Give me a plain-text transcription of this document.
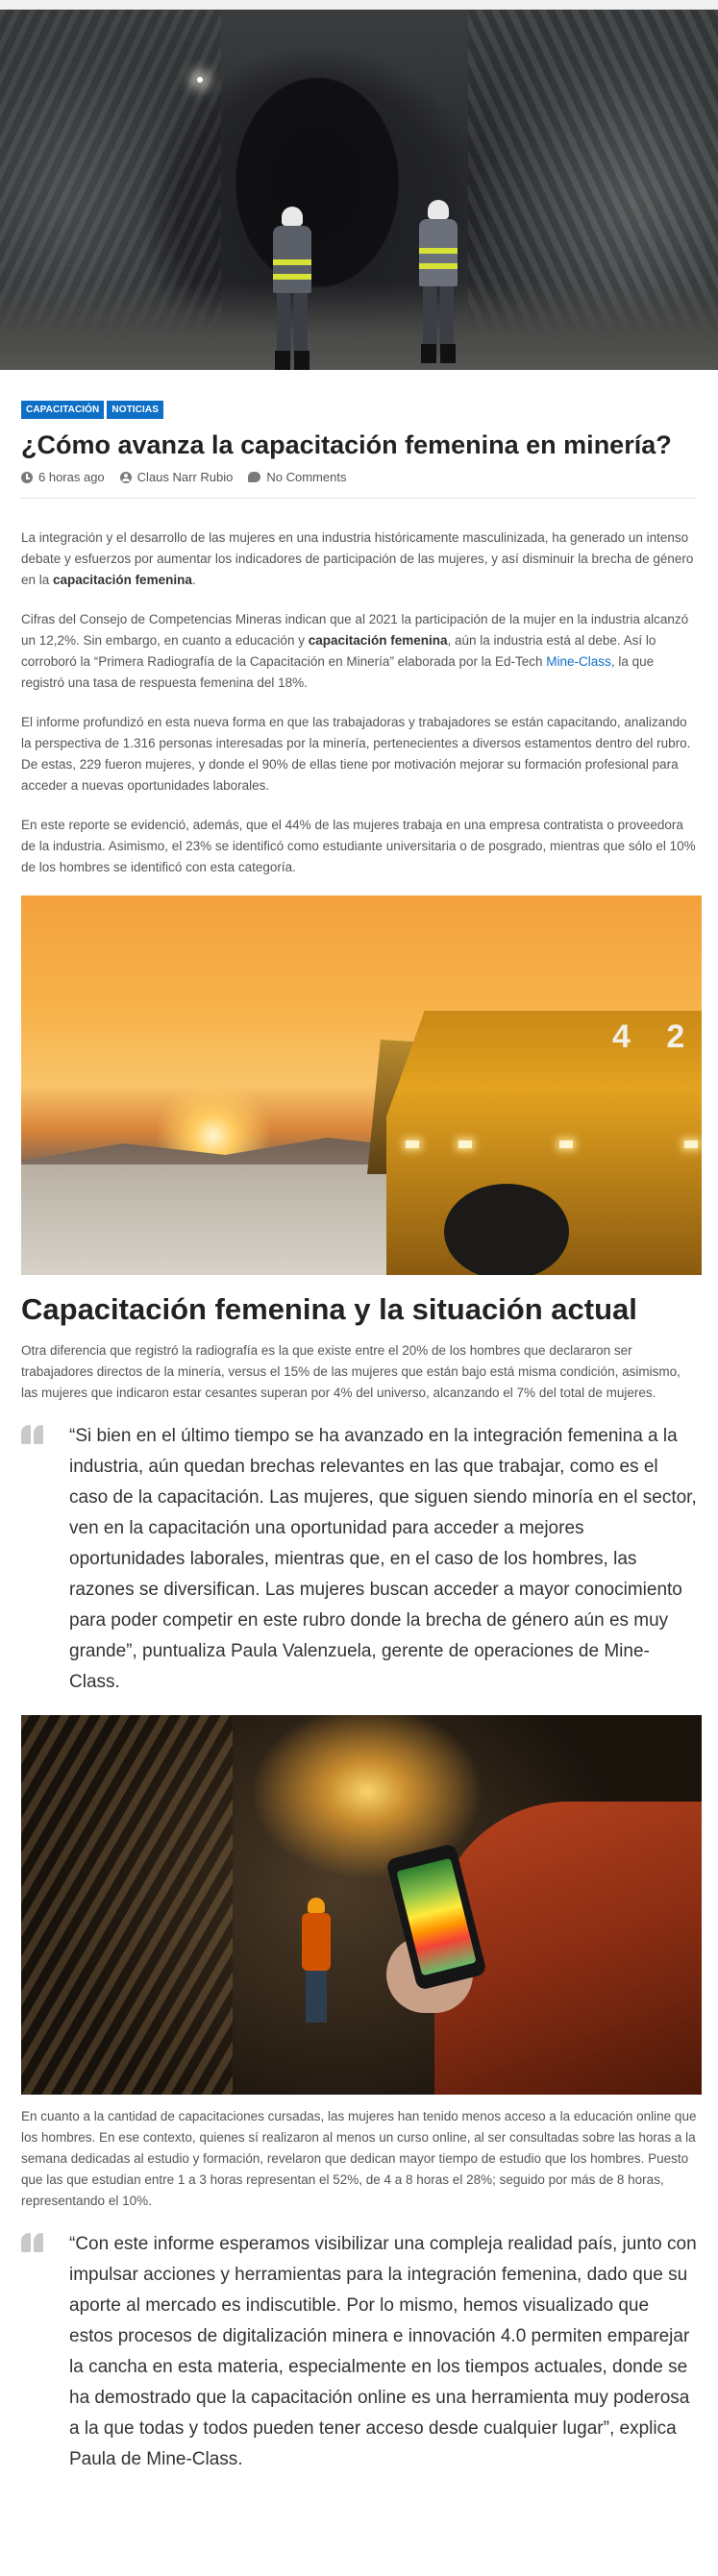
CAPACITACIÓN	NOTICIAS
¿Cómo avanza la capacitación femenina en minería?
6 horas ago	Claus Narr Rubio	No Comments

La integración y el desarrollo de las mujeres en una industria históricamente masculinizada, ha generado un intenso debate y esfuerzos por aumentar los indicadores de participación de las mujeres, y así disminuir la brecha de género en la capacitación femenina.

Cifras del Consejo de Competencias Mineras indican que al 2021 la participación de la mujer en la industria alcanzó un 12,2%. Sin embargo, en cuanto a educación y capacitación femenina, aún la industria está al debe. Así lo corroboró la “Primera Radiografía de la Capacitación en Minería” elaborada por la Ed-Tech Mine-Class, la que registró una tasa de respuesta femenina del 18%.

El informe profundizó en esta nueva forma en que las trabajadoras y trabajadores se están capacitando, analizando la perspectiva de 1.316 personas interesadas por la minería, pertenecientes a diversos estamentos dentro del rubro. De estas, 229 fueron mujeres, y donde el 90% de ellas tiene por motivación mejorar su formación profesional para acceder a nuevas oportunidades laborales.

En este reporte se evidenció, además, que el 44% de las mujeres trabaja en una empresa contratista o proveedora de la industria. Asimismo, el 23% se identificó como estudiante universitaria o de posgrado, mientras que sólo el 10% de los hombres se identificó con esta categoría.

4 2
Capacitación femenina y la situación actual

Otra diferencia que registró la radiografía es la que existe entre el 20% de los hombres que declararon ser trabajadores directos de la minería, versus el 15% de las mujeres que están bajo está misma condición, asimismo, las mujeres que indicaron estar cesantes superan por 4% del universo, alcanzando el 7% del total de mujeres.

“Si bien en el último tiempo se ha avanzado en la integración femenina a la industria, aún quedan brechas relevantes en las que trabajar, como es el caso de la capacitación. Las mujeres, que siguen siendo minoría en el sector, ven en la capacitación una oportunidad para acceder a mejores oportunidades laborales, mientras que, en el caso de los hombres, las razones se diversifican. Las mujeres buscan acceder a mayor conocimiento para poder competir en este rubro donde la brecha de género aún es muy grande”, puntualiza Paula Valenzuela, gerente de operaciones de Mine-Class.

En cuanto a la cantidad de capacitaciones cursadas, las mujeres han tenido menos acceso a la educación online que los hombres. En ese contexto, quienes sí realizaron al menos un curso online, al ser consultadas sobre las horas a la semana dedicadas al estudio y formación, revelaron que dedican mayor tiempo de estudio que los hombres. Puesto que las que estudian entre 1 a 3 horas representan el 52%, de 4 a 8 horas el 28%; seguido por más de 8 horas, representando el 10%.

“Con este informe esperamos visibilizar una compleja realidad país, junto con impulsar acciones y herramientas para la integración femenina, dado que su aporte al mercado es indiscutible. Por lo mismo, hemos visualizado que estos procesos de digitalización minera e innovación 4.0 permiten emparejar la cancha en esta materia, especialmente en los tiempos actuales, donde se ha demostrado que la capacitación online es una herramienta muy poderosa a la que todas y todos pueden tener acceso desde cualquier lugar”, explica Paula de Mine-Class.
